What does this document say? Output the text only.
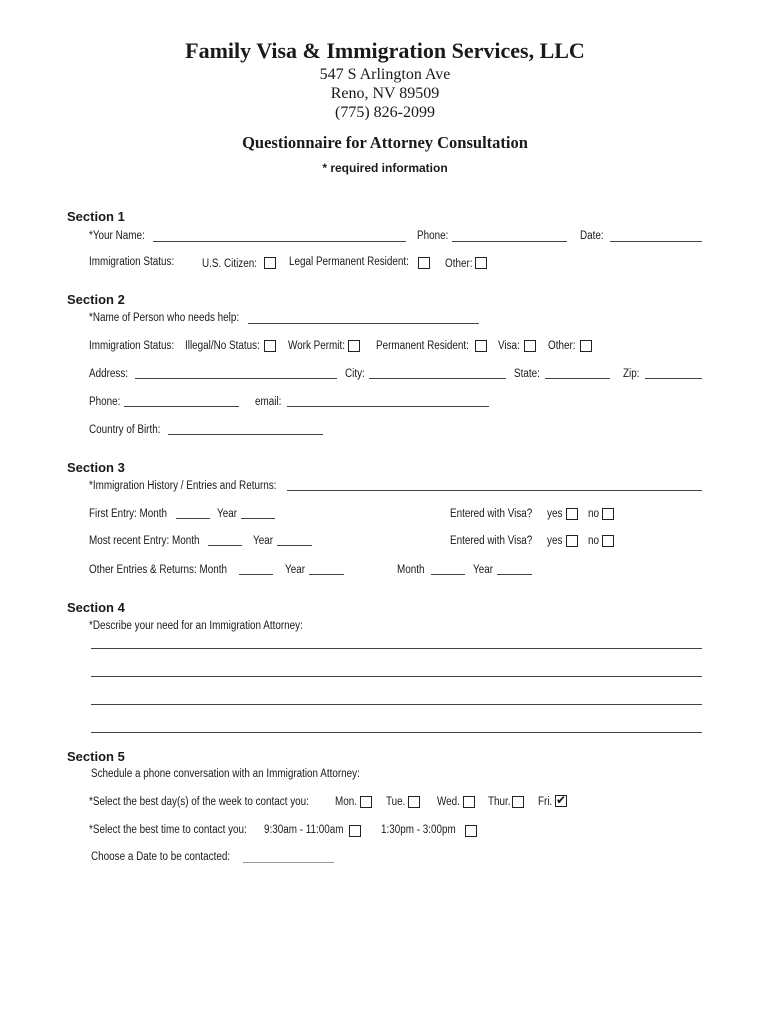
Family Visa & Immigration Services, LLC
547 S Arlington Ave
Reno, NV 89509
(775) 826-2099
Questionnaire for Attorney Consultation
* required information
Section 1
*Your Name:	Phone:	Date:
Immigration Status: U.S. Citizen:	Legal Permanent Resident:	Other:
Section 2
*Name of Person who needs help:
Immigration Status: Illegal/No Status: Work Permit:	Permanent Resident:	Visa: Other:
Address:	City:	State:	Zip:
Phone:	email:
Country of Birth:
Section 3
*Immigration History / Entries and Returns:
First Entry: Month	Year	Entered with Visa? yes no
Most recent Entry: Month	Year	Entered with Visa? yes no
Other Entries & Returns: Month	Year	Month	Year
Section 4
*Describe your need for an Immigration Attorney:
Section 5
Schedule a phone conversation with an Immigration Attorney:
*Select the best day(s) of the week to contact you: Mon.	Tue.	Wed. Thur. Fri.
✔
*Select the best time to contact you: 9:30am - 11:00am	1:30pm - 3:00pm
Choose a Date to be contacted:
